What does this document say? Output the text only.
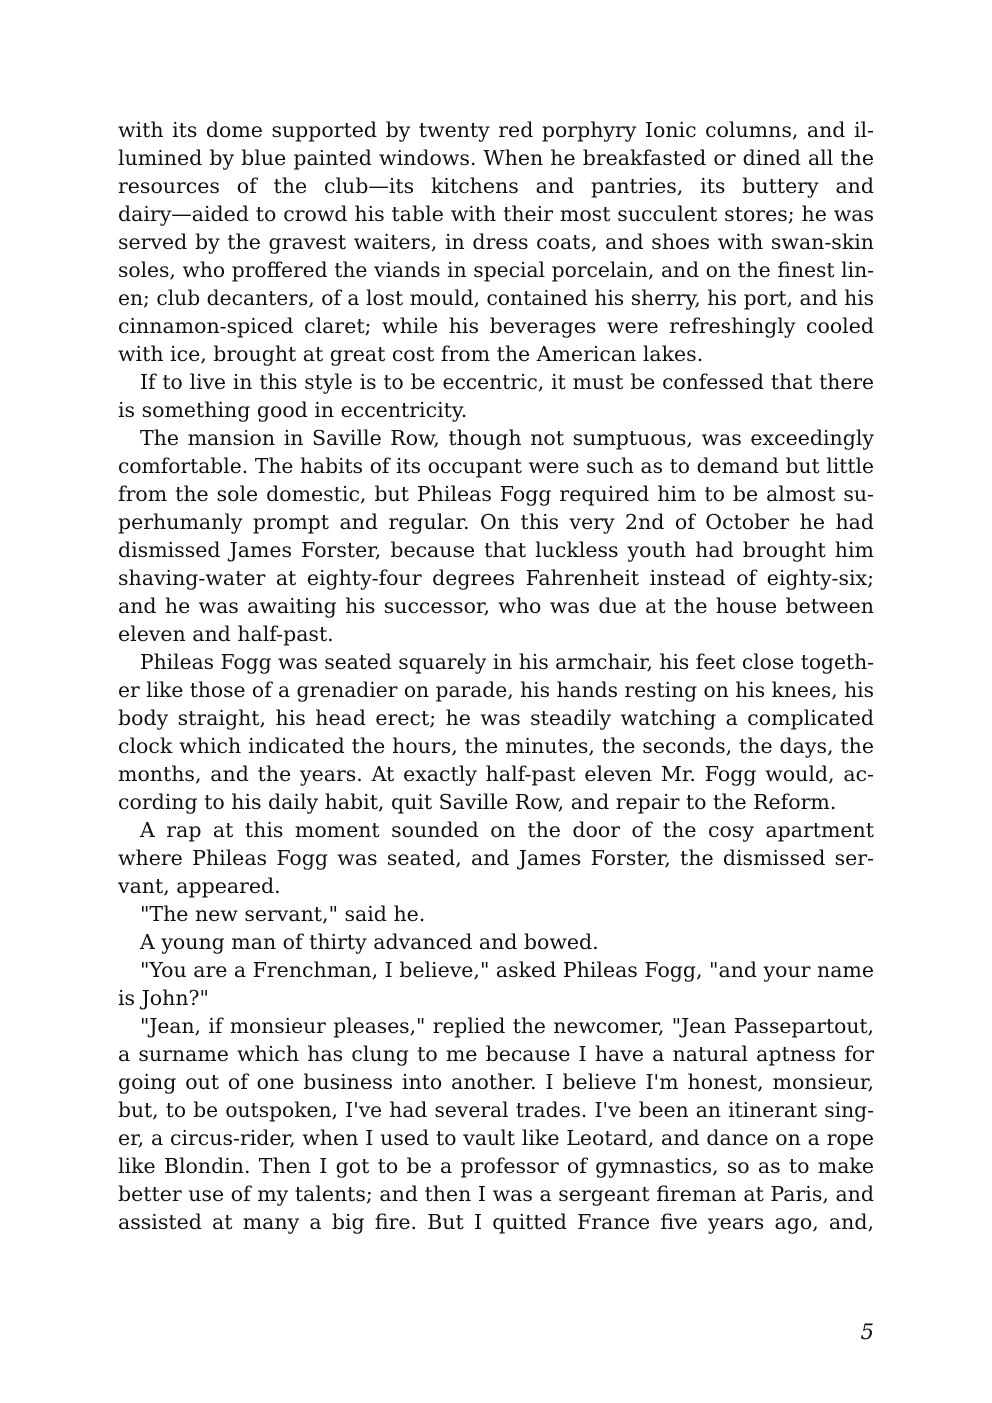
with its dome supported by twenty red porphyry Ionic columns, and il-
lumined by blue painted windows. When he breakfasted or dined all the
resources of the club—its kitchens and pantries, its buttery and
dairy—aided to crowd his table with their most succulent stores; he was
served by the gravest waiters, in dress coats, and shoes with swan-skin
soles, who proffered the viands in special porcelain, and on the finest lin-
en; club decanters, of a lost mould, contained his sherry, his port, and his
cinnamon-spiced claret; while his beverages were refreshingly cooled
with ice, brought at great cost from the American lakes.
If to live in this style is to be eccentric, it must be confessed that there
is something good in eccentricity.
The mansion in Saville Row, though not sumptuous, was exceedingly
comfortable. The habits of its occupant were such as to demand but little
from the sole domestic, but Phileas Fogg required him to be almost su-
perhumanly prompt and regular. On this very 2nd of October he had
dismissed James Forster, because that luckless youth had brought him
shaving-water at eighty-four degrees Fahrenheit instead of eighty-six;
and he was awaiting his successor, who was due at the house between
eleven and half-past.
Phileas Fogg was seated squarely in his armchair, his feet close togeth-
er like those of a grenadier on parade, his hands resting on his knees, his
body straight, his head erect; he was steadily watching a complicated
clock which indicated the hours, the minutes, the seconds, the days, the
months, and the years. At exactly half-past eleven Mr. Fogg would, ac-
cording to his daily habit, quit Saville Row, and repair to the Reform.
A rap at this moment sounded on the door of the cosy apartment
where Phileas Fogg was seated, and James Forster, the dismissed ser-
vant, appeared.
"The new servant," said he.
A young man of thirty advanced and bowed.
"You are a Frenchman, I believe," asked Phileas Fogg, "and your name
is John?"
"Jean, if monsieur pleases," replied the newcomer, "Jean Passepartout,
a surname which has clung to me because I have a natural aptness for
going out of one business into another. I believe I'm honest, monsieur,
but, to be outspoken, I've had several trades. I've been an itinerant sing-
er, a circus-rider, when I used to vault like Leotard, and dance on a rope
like Blondin. Then I got to be a professor of gymnastics, so as to make
better use of my talents; and then I was a sergeant fireman at Paris, and
assisted at many a big fire. But I quitted France five years ago, and,
5
